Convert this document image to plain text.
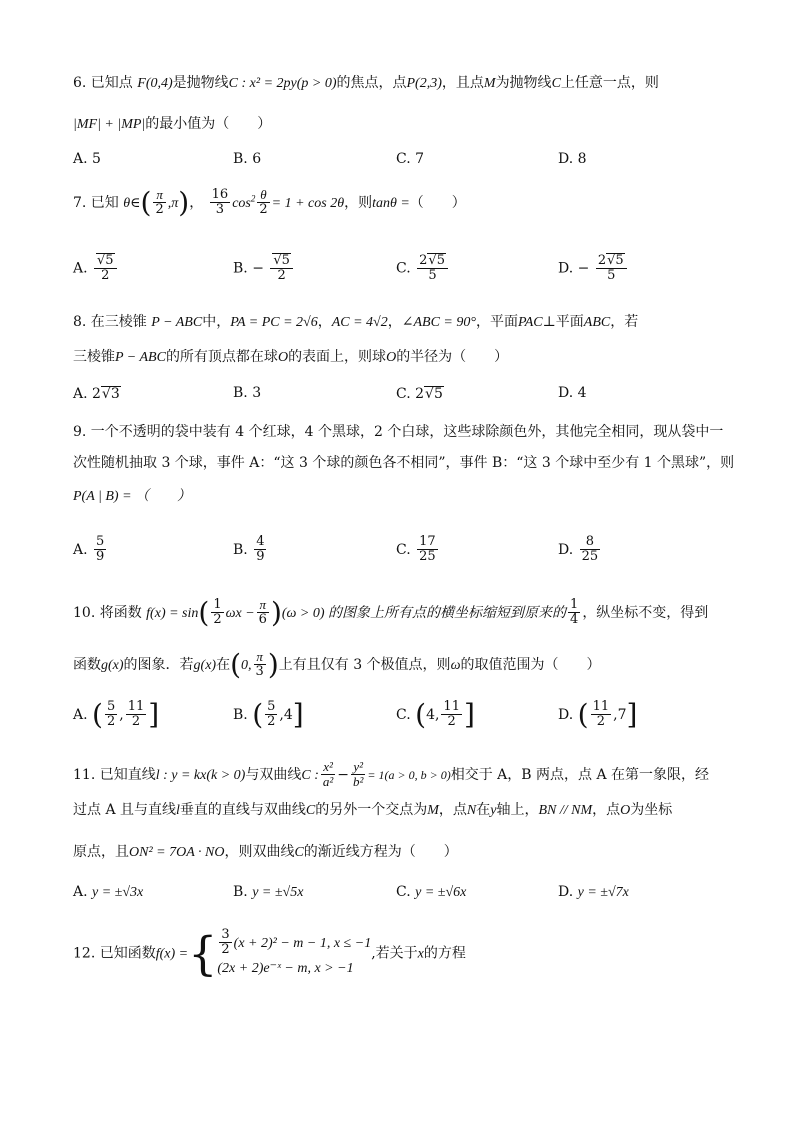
6. 已知点 F(0,4)是抛物线C : x² = 2py(p > 0)的焦点，点P(2,3)，且点M为抛物线C上任意一点，则
|MF| + |MP|的最小值为（　　）
A. 5	B. 6	C. 7	D. 8
7. 已知 θ∈( $\frac{\pi}{2} ,\pi$)， $\frac{16}{3} \cos^2 \frac{\theta}{2} = 1 + \cos 2\theta$，则tanθ =（　　）
A. $\frac{√5}{2}$	B. − $\frac{√5}{2}$	C. $\frac{2√5}{5}$	D. − $\frac{2√5}{5}$
8. 在三棱锥 P − ABC中，PA = PC = 2√6，AC = 4√2，∠ABC = 90°，平面PAC⊥平面ABC，若
三棱锥P − ABC的所有顶点都在球O的表面上，则球O的半径为（　　）
A. 2√3	B. 3	C. 2√5	D. 4
9. 一个不透明的袋中装有 4 个红球，4 个黑球，2 个白球，这些球除颜色外，其他完全相同，现从袋中一
次性随机抽取 3 个球，事件 A：“这 3 个球的颜色各不相同”，事件 B：“这 3 个球中至少有 1 个黑球”，则
P(A | B) = （　　）
A. $\frac{5}{9}$	B. $\frac{4}{9}$	C. $\frac{17}{25}$	D. $\frac{8}{25}$
10. 将函数 $f(x) = \sin( \frac{1}{2}$ $\omega x - \frac{\pi}{6} )(\omega > 0)$ 的图象上所有点的横坐标缩短到原来的 $\frac{1}{4}$ ，纵坐标不变，得到
函数g(x)的图象．若g(x)在(0, $\frac{\pi}{3}$ )上有且仅有 3 个极值点，则ω的取值范围为（　　）
A. ( $\frac{5}{2}$ , $\frac{11}{2}$ ]	B. ( $\frac{5}{2} ,4$]	C. (4, $\frac{11}{2}$ ]	D. ( $\frac{11}{2} ,7$]
11. 已知直线l : y = kx(k > 0)与双曲线C : $\frac{\text{x²}}{\text{a²}} - \frac{\text{y²}}{\text{b²}} = 1(a > 0$, b > 0)相交于 A，B 两点，点 A 在第一象限，经
过点 A 且与直线l垂直的直线与双曲线C的另外一个交点为M，点N在y轴上，BN // NM，点O为坐标
原点，且ON² = 7OA · NO，则双曲线C的渐近线方程为（　　）
A. y = ±√3x	B. y = ±√5x	C. y = ±√6x	D. y = ±√7x
12. 已知函数f(x) ={ $\frac{3}{2} (x + 2)^2 - m - 1$, x ≤ −1
(2x + 2)e⁻ˣ − m, x > −1
,若关于x的方程
